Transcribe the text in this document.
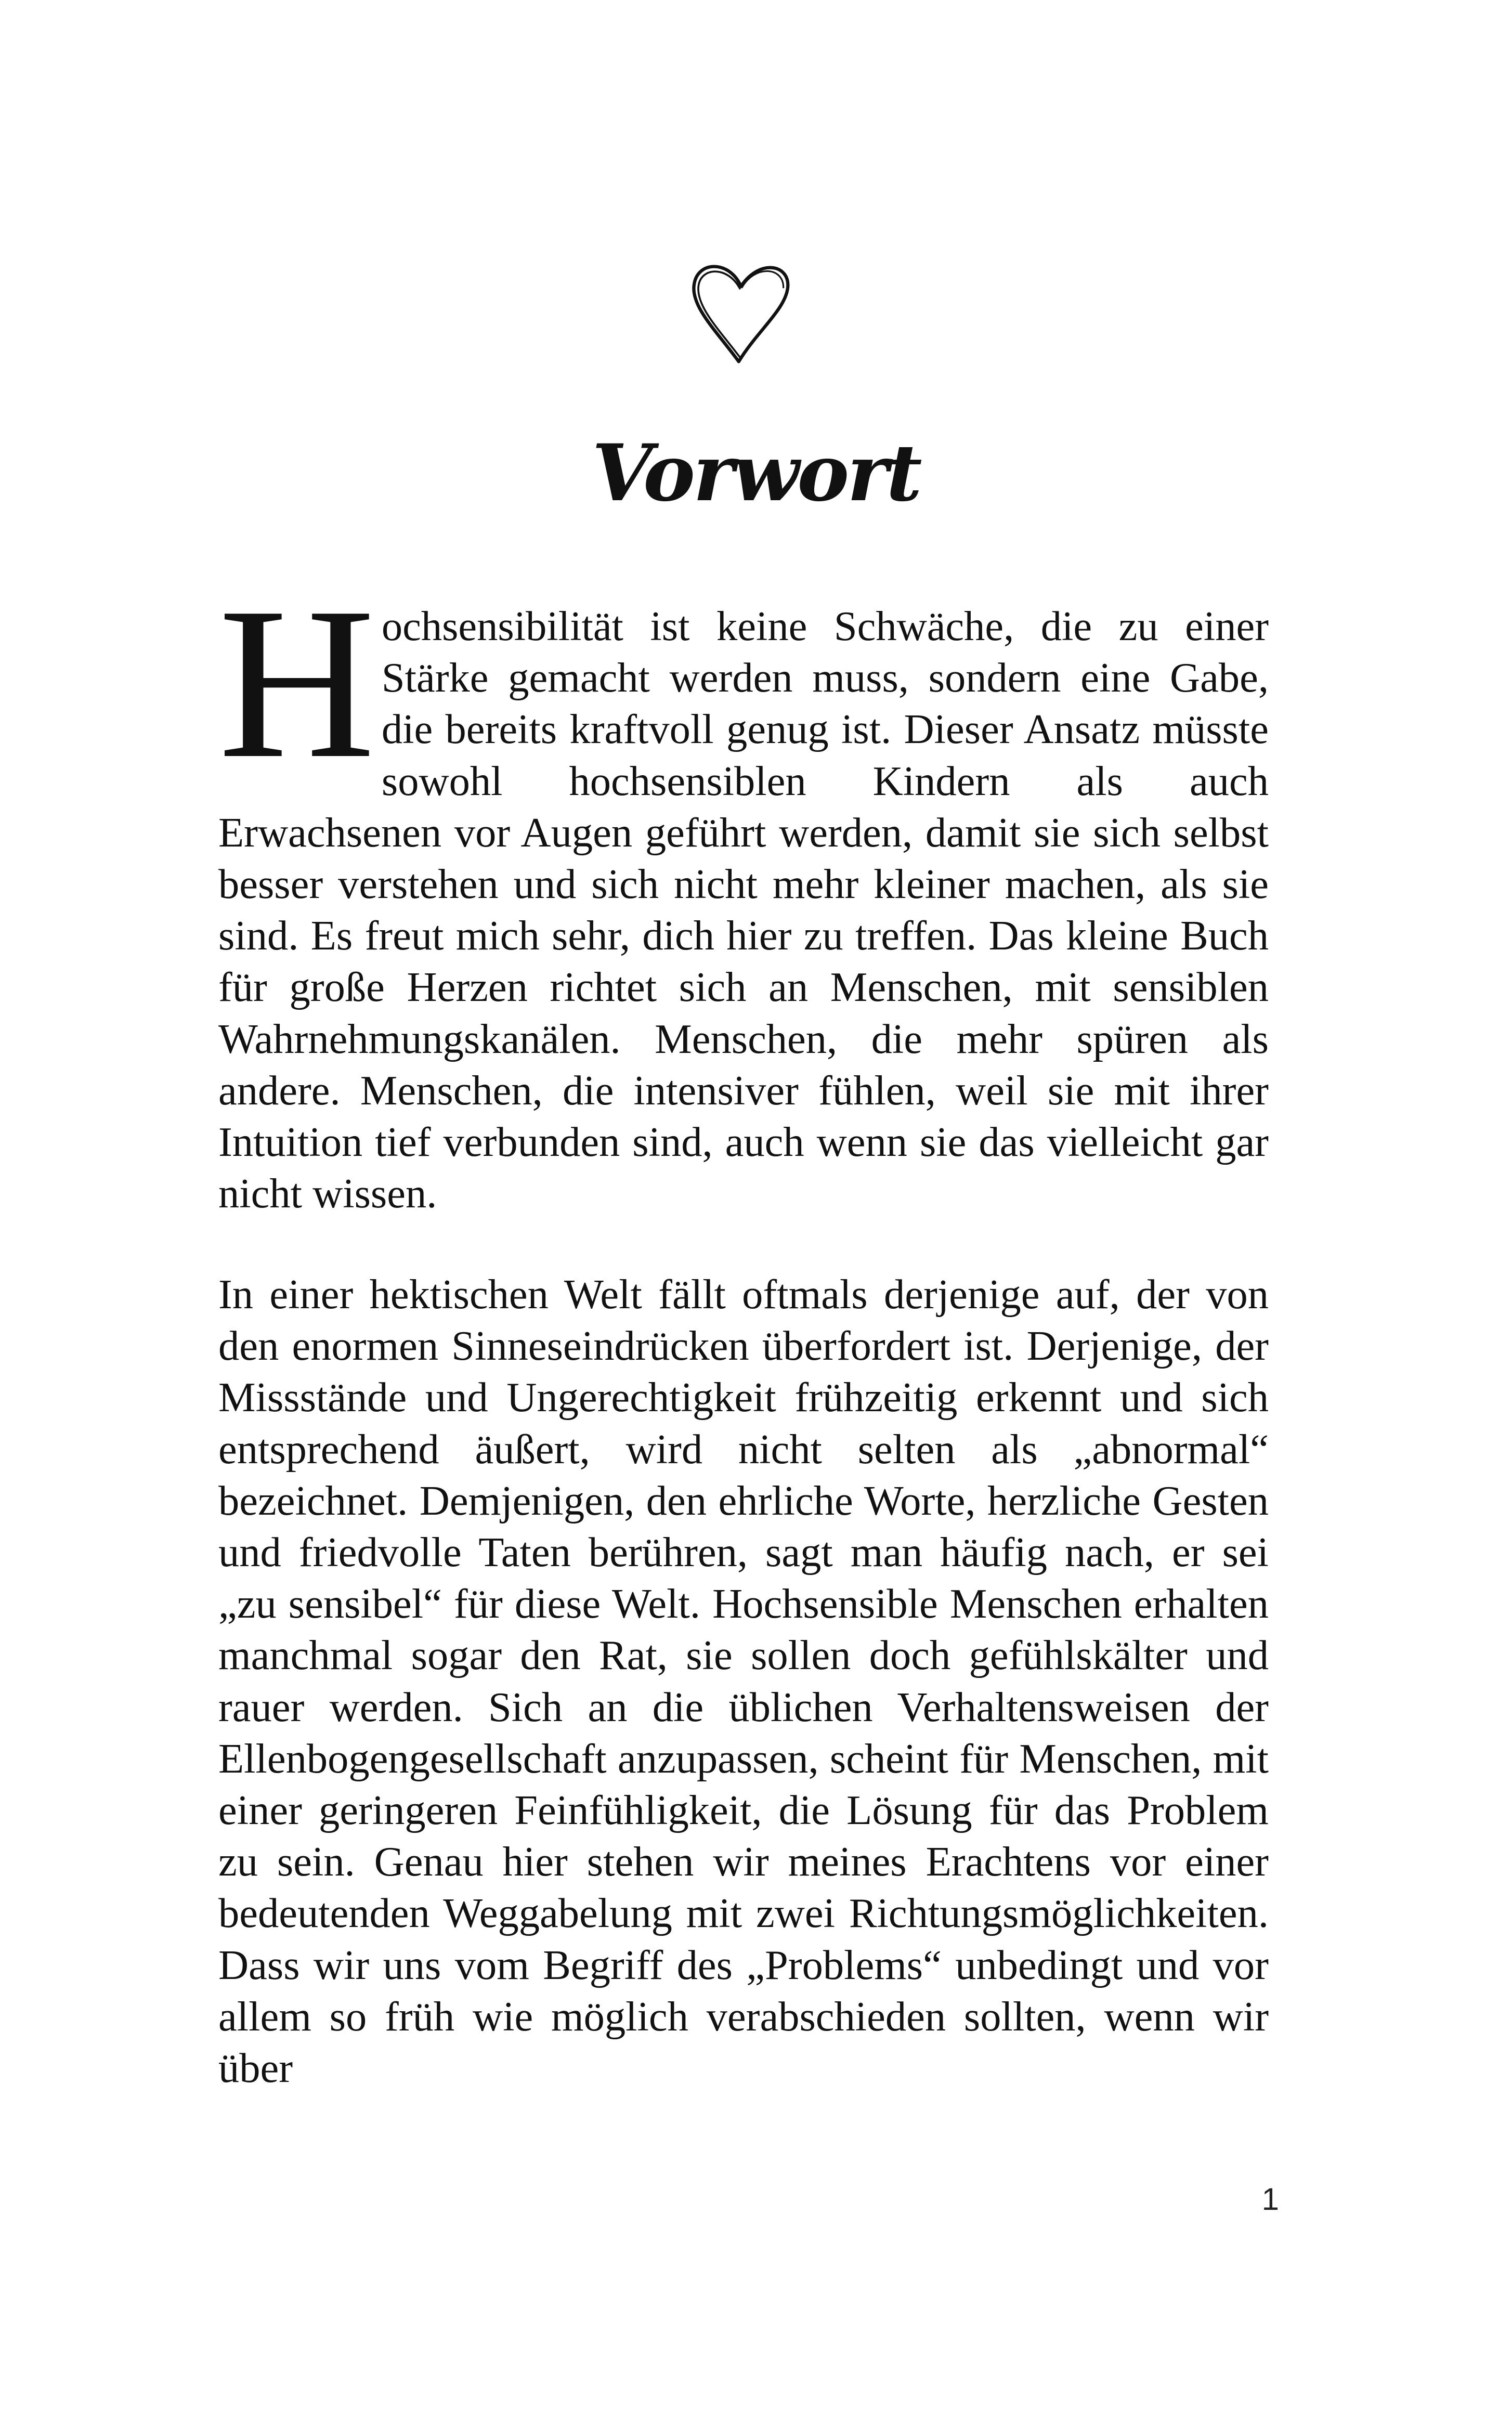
Vorwort

Hochsensibilität ist keine Schwäche, die zu einer Stärke gemacht werden muss, sondern eine Gabe, die bereits kraftvoll genug ist. Dieser Ansatz müsste sowohl hochsensiblen Kindern als auch Erwachsenen vor Augen geführt werden, damit sie sich selbst besser verstehen und sich nicht mehr kleiner machen, als sie sind. Es freut mich sehr, dich hier zu treffen. Das kleine Buch für große Herzen richtet sich an Menschen, mit sensiblen Wahrnehmungskanälen. Menschen, die mehr spüren als andere. Menschen, die intensiver fühlen, weil sie mit ihrer Intuition tief verbunden sind, auch wenn sie das vielleicht gar nicht wissen.

In einer hektischen Welt fällt oftmals derjenige auf, der von den enormen Sinneseindrücken überfordert ist. Derjenige, der Missstände und Ungerechtigkeit frühzeitig erkennt und sich entsprechend äußert, wird nicht selten als „abnormal“ bezeichnet. Demjenigen, den ehrliche Worte, herzliche Gesten und friedvolle Taten berühren, sagt man häufig nach, er sei „zu sensibel“ für diese Welt. Hochsensible Menschen erhalten manchmal sogar den Rat, sie sollen doch gefühlskälter und rauer werden. Sich an die üblichen Verhaltensweisen der Ellenbogengesellschaft anzupassen, scheint für Menschen, mit einer geringeren Feinfühligkeit, die Lösung für das Problem zu sein. Genau hier stehen wir meines Erachtens vor einer bedeutenden Weggabelung mit zwei Richtungsmöglichkeiten. Dass wir uns vom Begriff des „Problems“ unbedingt und vor allem so früh wie möglich verabschieden sollten, wenn wir über

1
